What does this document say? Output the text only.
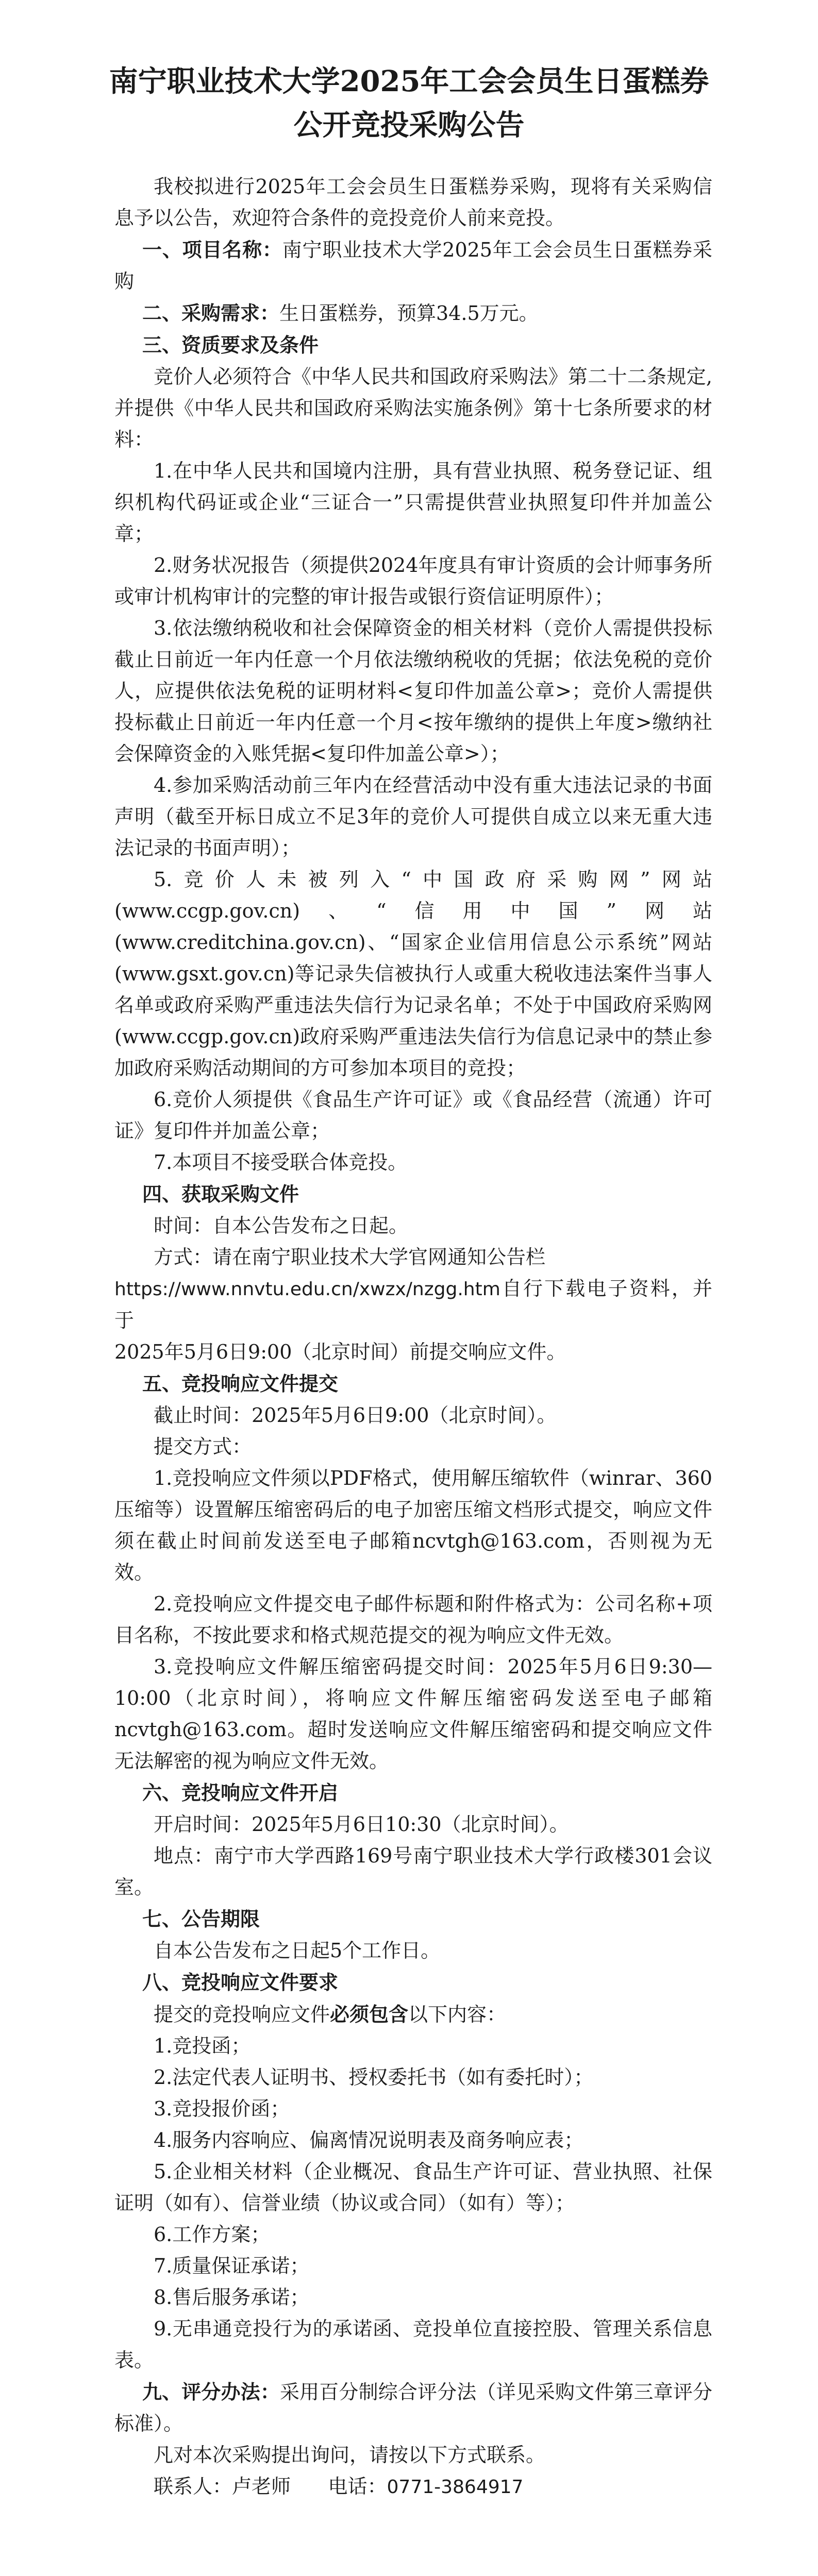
南宁职业技术大学2025年工会会员生日蛋糕券
公开竞投采购公告

我校拟进行2025年工会会员生日蛋糕券采购，现将有关采购信息予以公告，欢迎符合条件的竞投竞价人前来竞投。

一、项目名称：南宁职业技术大学2025年工会会员生日蛋糕券采购

二、采购需求：生日蛋糕券，预算34.5万元。

三、资质要求及条件

竞价人必须符合《中华人民共和国政府采购法》第二十二条规定,并提供《中华人民共和国政府采购法实施条例》第十七条所要求的材料：

1.在中华人民共和国境内注册，具有营业执照、税务登记证、组织机构代码证或企业“三证合一”只需提供营业执照复印件并加盖公章；

2.财务状况报告（须提供2024年度具有审计资质的会计师事务所或审计机构审计的完整的审计报告或银行资信证明原件）；

3.依法缴纳税收和社会保障资金的相关材料（竞价人需提供投标截止日前近一年内任意一个月依法缴纳税收的凭据；依法免税的竞价人，应提供依法免税的证明材料<复印件加盖公章>；竞价人需提供投标截止日前近一年内任意一个月<按年缴纳的提供上年度>缴纳社会保障资金的入账凭据<复印件加盖公章>）；

4.参加采购活动前三年内在经营活动中没有重大违法记录的书面声明（截至开标日成立不足3年的竞价人可提供自成立以来无重大违法记录的书面声明）；

5.竞价人未被列入“中国政府采购网”网站(www.ccgp.gov.cn)、“信用中国”网站(www.creditchina.gov.cn)、“国家企业信用信息公示系统”网站(www.gsxt.gov.cn)等记录失信被执行人或重大税收违法案件当事人名单或政府采购严重违法失信行为记录名单；不处于中国政府采购网(www.ccgp.gov.cn)政府采购严重违法失信行为信息记录中的禁止参加政府采购活动期间的方可参加本项目的竞投；

6.竞价人须提供《食品生产许可证》或《食品经营（流通）许可证》复印件并加盖公章；

7.本项目不接受联合体竞投。

四、获取采购文件

时间：自本公告发布之日起。

方式：请在南宁职业技术大学官网通知公告栏

https://www.nnvtu.edu.cn/xwzx/nzgg.htm自行下载电子资料，并于

2025年5月6日9:00（北京时间）前提交响应文件。

五、竞投响应文件提交

截止时间：2025年5月6日9:00（北京时间）。

提交方式：

1.竞投响应文件须以PDF格式，使用解压缩软件（winrar、360压缩等）设置解压缩密码后的电子加密压缩文档形式提交，响应文件须在截止时间前发送至电子邮箱ncvtgh@163.com，否则视为无效。

2.竞投响应文件提交电子邮件标题和附件格式为：公司名称+项目名称，不按此要求和格式规范提交的视为响应文件无效。

3.竞投响应文件解压缩密码提交时间：2025年5月6日9:30—10:00（北京时间），将响应文件解压缩密码发送至电子邮箱ncvtgh@163.com。超时发送响应文件解压缩密码和提交响应文件无法解密的视为响应文件无效。

六、竞投响应文件开启

开启时间：2025年5月6日10:30（北京时间）。

地点：南宁市大学西路169号南宁职业技术大学行政楼301会议室。

七、公告期限

自本公告发布之日起5个工作日。

八、竞投响应文件要求

提交的竞投响应文件必须包含以下内容：

1.竞投函；

2.法定代表人证明书、授权委托书（如有委托时）；

3.竞投报价函；

4.服务内容响应、偏离情况说明表及商务响应表；

5.企业相关材料（企业概况、食品生产许可证、营业执照、社保证明（如有）、信誉业绩（协议或合同）（如有）等）；

6.工作方案；

7.质量保证承诺；

8.售后服务承诺；

9.无串通竞投行为的承诺函、竞投单位直接控股、管理关系信息表。

九、评分办法：采用百分制综合评分法（详见采购文件第三章评分标准）。

凡对本次采购提出询问，请按以下方式联系。

联系人：卢老师 电话：0771-3864917
